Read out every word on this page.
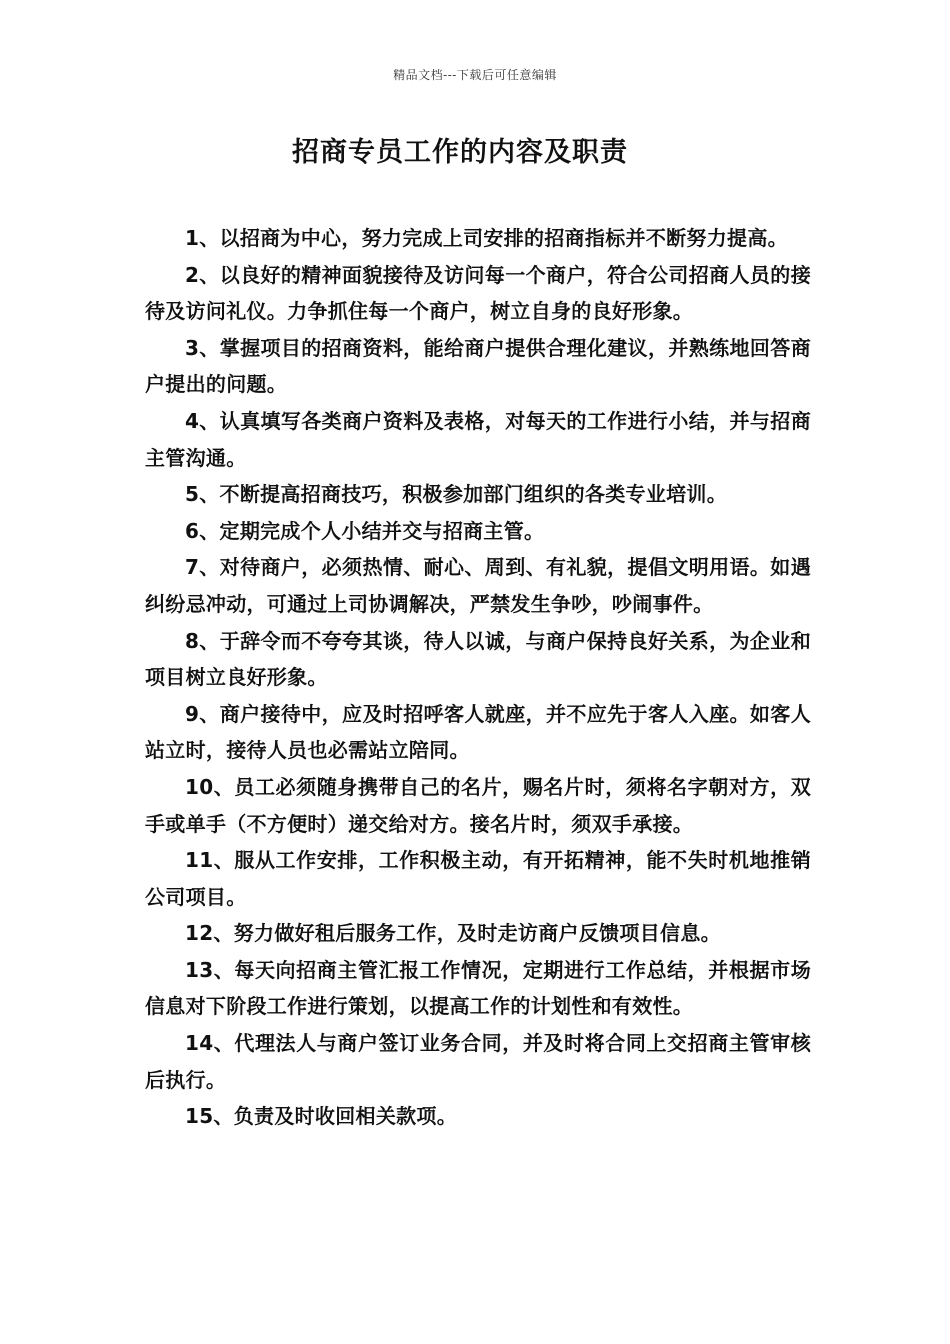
精品文档---下载后可任意编辑
招商专员工作的内容及职责

1、以招商为中心，努力完成上司安排的招商指标并不断努力提高。

2、以良好的精神面貌接待及访问每一个商户，符合公司招商人员的接待及访问礼仪。力争抓住每一个商户，树立自身的良好形象。

3、掌握项目的招商资料，能给商户提供合理化建议，并熟练地回答商户提出的问题。

4、认真填写各类商户资料及表格，对每天的工作进行小结，并与招商主管沟通。

5、不断提高招商技巧，积极参加部门组织的各类专业培训。

6、定期完成个人小结并交与招商主管。

7、对待商户，必须热情、耐心、周到、有礼貌，提倡文明用语。如遇纠纷忌冲动，可通过上司协调解决，严禁发生争吵，吵闹事件。

8、于辞令而不夸夸其谈，待人以诚，与商户保持良好关系，为企业和项目树立良好形象。

9、商户接待中，应及时招呼客人就座，并不应先于客人入座。如客人站立时，接待人员也必需站立陪同。

10、员工必须随身携带自己的名片，赐名片时，须将名字朝对方，双手或单手（不方便时）递交给对方。接名片时，须双手承接。

11、服从工作安排，工作积极主动，有开拓精神，能不失时机地推销公司项目。

12、努力做好租后服务工作，及时走访商户反馈项目信息。

13、每天向招商主管汇报工作情况，定期进行工作总结，并根据市场信息对下阶段工作进行策划，以提高工作的计划性和有效性。

14、代理法人与商户签订业务合同，并及时将合同上交招商主管审核后执行。

15、负责及时收回相关款项。
